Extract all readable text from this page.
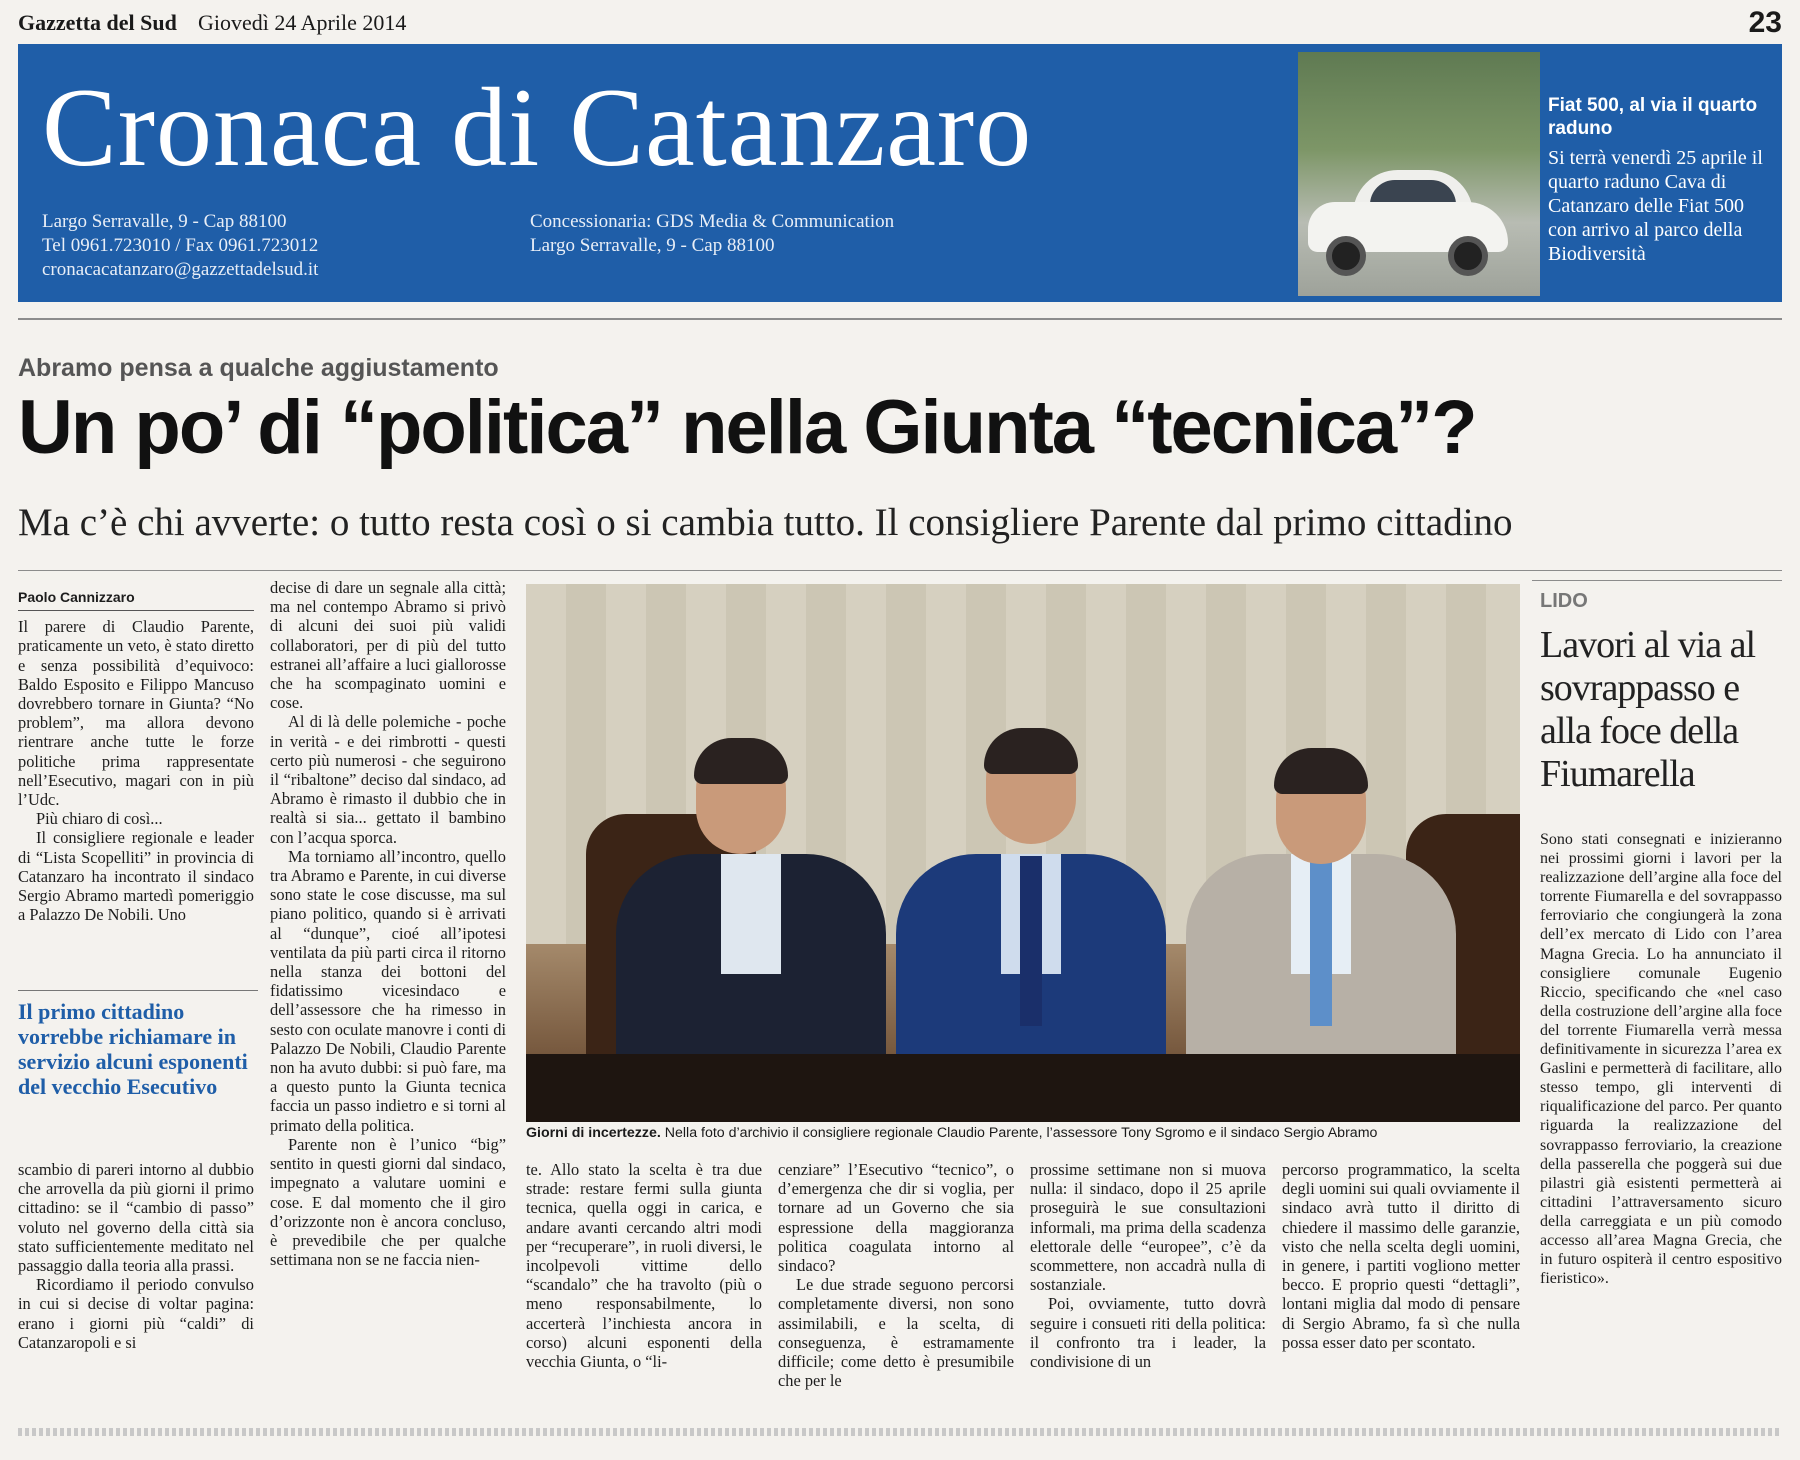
Gazzetta del Sud Giovedì 24 Aprile 2014	23
Cronaca di Catanzaro
Largo Serravalle, 9 - Cap 88100
Tel 0961.723010 / Fax 0961.723012
cronacacatanzaro@gazzettadelsud.it
Concessionaria: GDS Media & Communication
Largo Serravalle, 9 - Cap 88100
Fiat 500, al via il quarto raduno

Si terrà venerdì 25 aprile il quarto raduno Cava di Catanzaro delle Fiat 500 con arrivo al parco della Biodiversità

Abramo pensa a qualche aggiustamento
Un po’ di “politica” nella Giunta “tecnica”?
Ma c’è chi avverte: o tutto resta così o si cambia tutto. Il consigliere Parente dal primo cittadino
Paolo Cannizzaro

Il parere di Claudio Parente, praticamente un veto, è stato diretto e senza possibilità d’equivoco: Baldo Esposito e Filippo Mancuso dovrebbero tornare in Giunta? “No problem”, ma allora devono rientrare anche tutte le forze politiche prima rappresentate nell’Esecutivo, magari con in più l’Udc.

Più chiaro di così...

Il consigliere regionale e leader di “Lista Scopelliti” in provincia di Catanzaro ha incontrato il sindaco Sergio Abramo martedì pomeriggio a Palazzo De Nobili. Uno

Il primo cittadino vorrebbe richiamare in servizio alcuni esponenti del vecchio Esecutivo

scambio di pareri intorno al dubbio che arrovella da più giorni il primo cittadino: se il “cambio di passo” voluto nel governo della città sia stato sufficientemente meditato nel passaggio dalla teoria alla prassi.

Ricordiamo il periodo convulso in cui si decise di voltar pagina: erano i giorni più “caldi” di Catanzaropoli e si

decise di dare un segnale alla città; ma nel contempo Abramo si privò di alcuni dei suoi più validi collaboratori, per di più del tutto estranei all’affaire a luci giallorosse che ha scompaginato uomini e cose.

Al di là delle polemiche - poche in verità - e dei rimbrotti - questi certo più numerosi - che seguirono il “ribaltone” deciso dal sindaco, ad Abramo è rimasto il dubbio che in realtà si sia... gettato il bambino con l’acqua sporca.

Ma torniamo all’incontro, quello tra Abramo e Parente, in cui diverse sono state le cose discusse, ma sul piano politico, quando si è arrivati al “dunque”, cioé all’ipotesi ventilata da più parti circa il ritorno nella stanza dei bottoni del fidatissimo vicesindaco e dell’assessore che ha rimesso in sesto con oculate manovre i conti di Palazzo De Nobili, Claudio Parente non ha avuto dubbi: si può fare, ma a questo punto la Giunta tecnica faccia un passo indietro e si torni al primato della politica.

Parente non è l’unico “big” sentito in questi giorni dal sindaco, impegnato a valutare uomini e cose. E dal momento che il giro d’orizzonte non è ancora concluso, è prevedibile che per qualche settimana non se ne faccia nien-

Giorni di incertezze. Nella foto d’archivio il consigliere regionale Claudio Parente, l’assessore Tony Sgromo e il sindaco Sergio Abramo

te. Allo stato la scelta è tra due strade: restare fermi sulla giunta tecnica, quella oggi in carica, e andare avanti cercando altri modi per “recuperare”, in ruoli diversi, le incolpevoli vittime dello “scandalo” che ha travolto (più o meno responsabilmente, lo accerterà l’inchiesta ancora in corso) alcuni esponenti della vecchia Giunta, o “li-

cenziare” l’Esecutivo “tecnico”, o d’emergenza che dir si voglia, per tornare ad un Governo che sia espressione della maggioranza politica coagulata intorno al sindaco?

Le due strade seguono percorsi completamente diversi, non sono assimilabili, e la scelta, di conseguenza, è estramamente difficile; come detto è presumibile che per le

prossime settimane non si muova nulla: il sindaco, dopo il 25 aprile proseguirà le sue consultazioni informali, ma prima della scadenza elettorale delle “europee”, c’è da scommettere, non accadrà nulla di sostanziale.

Poi, ovviamente, tutto dovrà seguire i consueti riti della politica: il confronto tra i leader, la condivisione di un

percorso programmatico, la scelta degli uomini sui quali ovviamente il sindaco avrà tutto il diritto di chiedere il massimo delle garanzie, visto che nella scelta degli uomini, in genere, i partiti vogliono metter becco. E proprio questi “dettagli”, lontani miglia dal modo di pensare di Sergio Abramo, fa sì che nulla possa esser dato per scontato.

LIDO
Lavori al via al sovrappasso e alla foce della Fiumarella

Sono stati consegnati e inizieranno nei prossimi giorni i lavori per la realizzazione dell’argine alla foce del torrente Fiumarella e del sovrappasso ferroviario che congiungerà la zona dell’ex mercato di Lido con l’area Magna Grecia. Lo ha annunciato il consigliere comunale Eugenio Riccio, specificando che «nel caso della costruzione dell’argine alla foce del torrente Fiumarella verrà messa definitivamente in sicurezza l’area ex Gaslini e permetterà di facilitare, allo stesso tempo, gli interventi di riqualificazione del parco. Per quanto riguarda la realizzazione del sovrappasso ferroviario, la creazione della passerella che poggerà sui due pilastri già esistenti permetterà ai cittadini l’attraversamento sicuro della carreggiata e un più comodo accesso all’area Magna Grecia, che in futuro ospiterà il centro espositivo fieristico».
